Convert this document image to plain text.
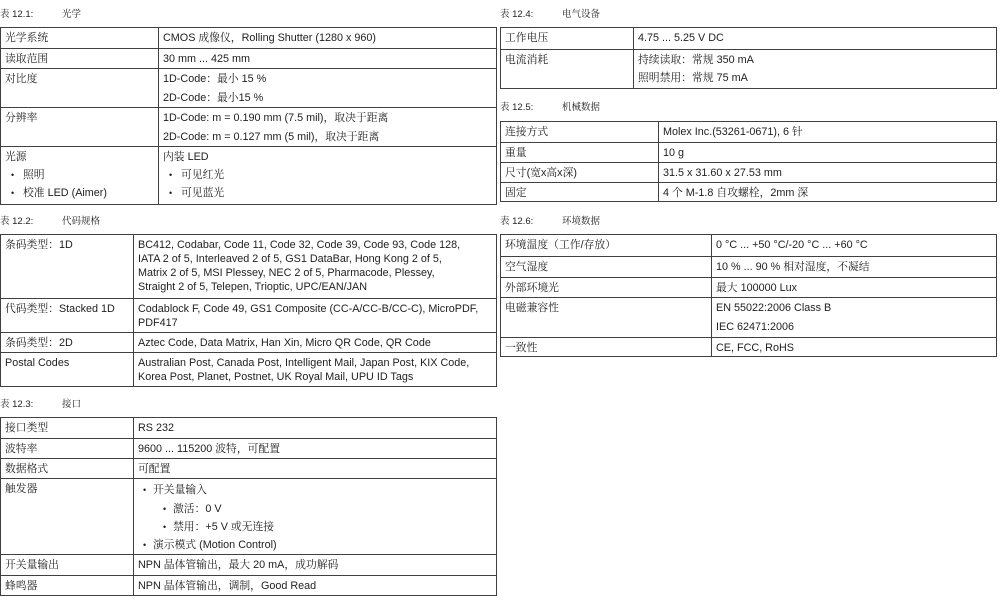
表 12.1:	光学
光学系统	CMOS 成像仪，Rolling Shutter (1280 x 960)
读取范围	30 mm ... 425 mm
对比度	1D-Code：最小 15 %
2D-Code：最小15 %
分辨率	1D-Code: m = 0.190 mm (7.5 mil)，取决于距离
2D-Code: m = 0.127 mm (5 mil)，取决于距离
光源
• 照明
• 校准 LED (Aimer)
内装 LED
• 可见红光
• 可见蓝光
表 12.2:	代码规格
条码类型：1D	BC412, Codabar, Code 11, Code 32, Code 39, Code 93, Code 128,
IATA 2 of 5, Interleaved 2 of 5, GS1 DataBar, Hong Kong 2 of 5,
Matrix 2 of 5, MSI Plessey, NEC 2 of 5, Pharmacode, Plessey,
Straight 2 of 5, Telepen, Trioptic, UPC/EAN/JAN
代码类型：Stacked 1D	Codablock F, Code 49, GS1 Composite (CC-A/CC-B/CC-C), MicroPDF,
PDF417
条码类型：2D	Aztec Code, Data Matrix, Han Xin, Micro QR Code, QR Code
Postal Codes	Australian Post, Canada Post, Intelligent Mail, Japan Post, KIX Code,
Korea Post, Planet, Postnet, UK Royal Mail, UPU ID Tags
表 12.3:	接口
接口类型	RS 232
波特率	9600 ... 115200 波特，可配置
数据格式	可配置
触发器
•	开关量输入
• 激活：0 V
• 禁用：+5 V 或无连接
• 演示模式 (Motion Control)
开关量输出	NPN 晶体管输出，最大 20 mA，成功解码
蜂鸣器	NPN 晶体管输出，调制，Good Read
表 12.4:	电气设备
工作电压	4.75 ... 5.25 V DC
电流消耗	持续读取：常规 350 mA
照明禁用：常规 75 mA
表 12.5:	机械数据
连接方式	Molex Inc.(53261-0671), 6 针
重量	10 g
尺寸(宽x高x深)	31.5 x 31.60 x 27.53 mm
固定	4 个 M-1.8 自攻螺栓，2mm 深
表 12.6:	环境数据
环境温度（工作/存放）	0 °C ... +50 °C/-20 °C ... +60 °C
空气湿度	10 % ... 90 % 相对湿度，不凝结
外部环境光	最大 100000 Lux
电磁兼容性	EN 55022:2006 Class B
IEC 62471:2006
一致性	CE, FCC, RoHS
